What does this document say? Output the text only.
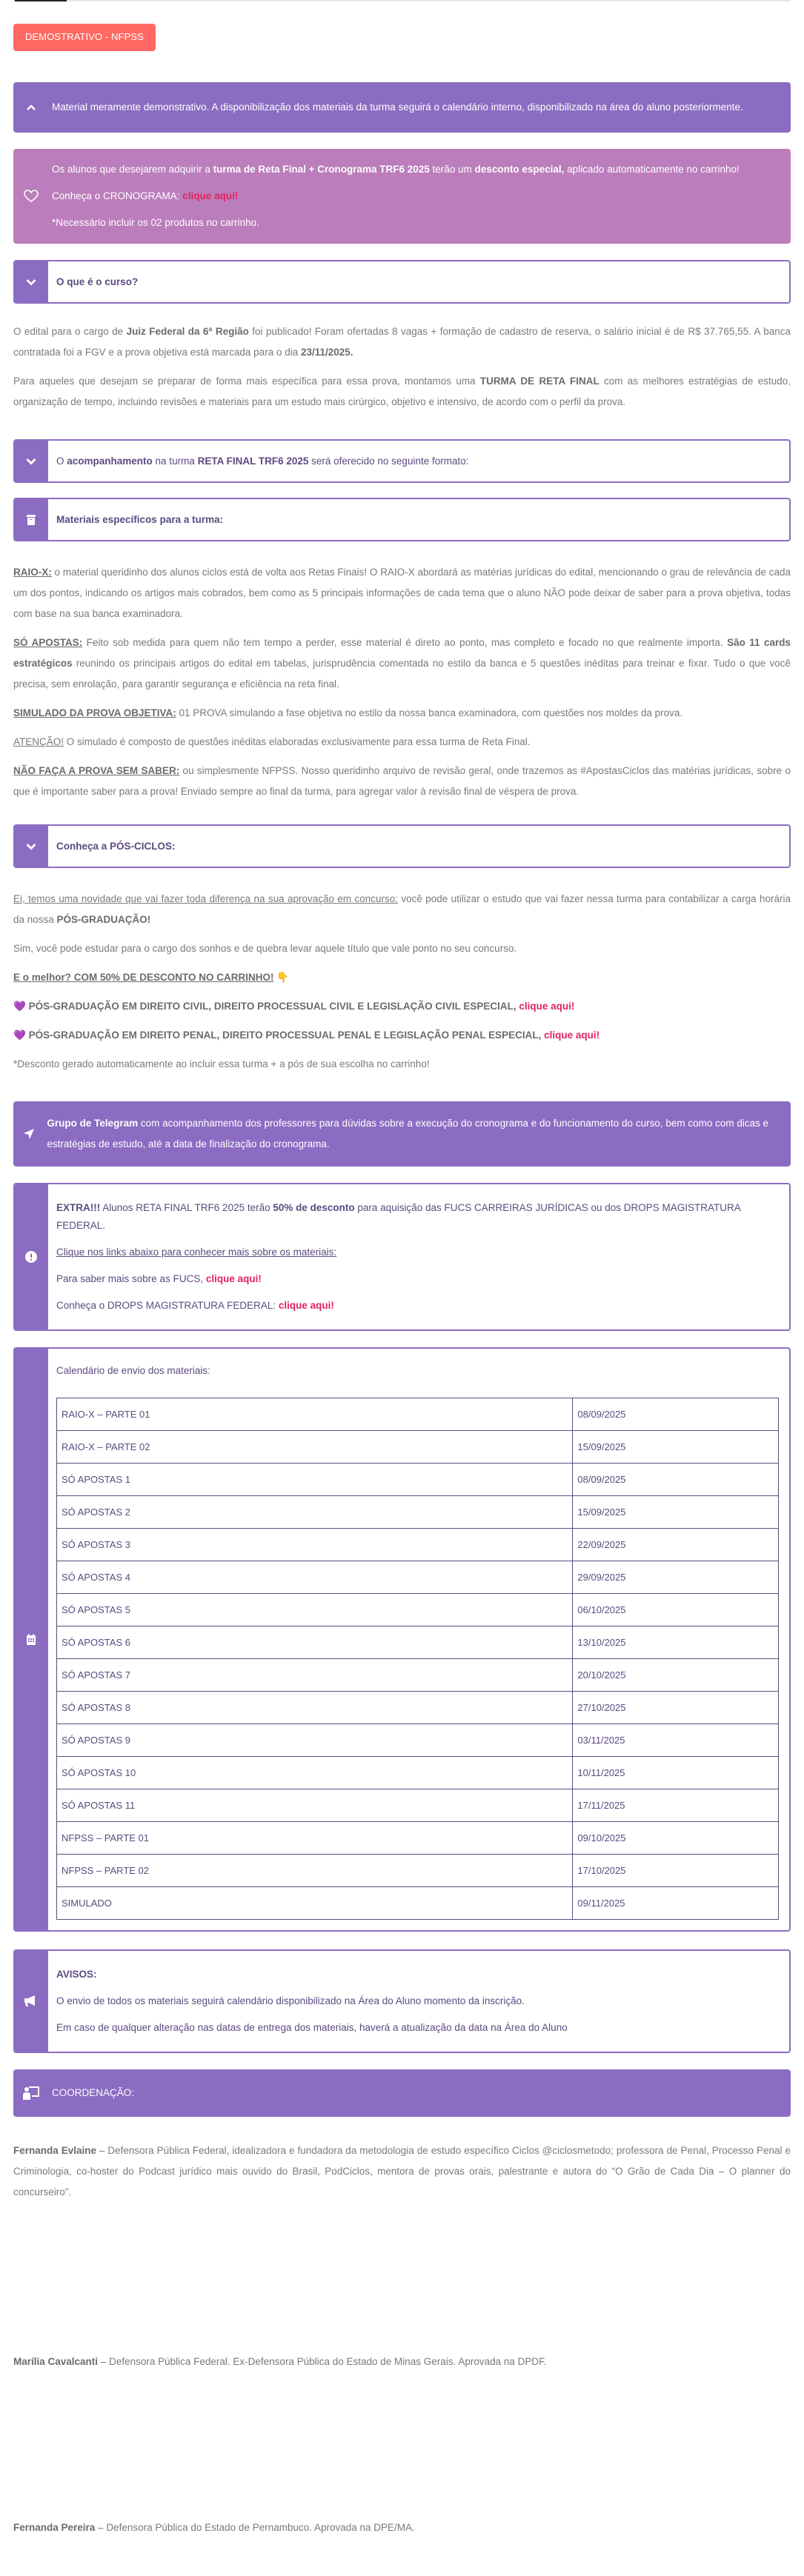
DEMOSTRATIVO - NFPSS

Material meramente demonstrativo. A disponibilização dos materiais da turma seguirá o calendário interno, disponibilizado na área do aluno posteriormente.

Os alunos que desejarem adquirir a turma de Reta Final + Cronograma TRF6 2025 terão um desconto especial, aplicado automaticamente no carrinho!

Conheça o CRONOGRAMA: clique aqui!

*Necessário incluir os 02 produtos no carrinho.

O que é o curso?

O edital para o cargo de Juiz Federal da 6ª Região foi publicado! Foram ofertadas 8 vagas + formação de cadastro de reserva, o salário inicial é de R$ 37.765,55. A banca contratada foi a FGV e a prova objetiva está marcada para o dia 23/11/2025.

Para aqueles que desejam se preparar de forma mais específica para essa prova, montamos uma TURMA DE RETA FINAL com as melhores estratégias de estudo, organização de tempo, incluindo revisões e materiais para um estudo mais cirúrgico, objetivo e intensivo, de acordo com o perfil da prova.

O acompanhamento na turma RETA FINAL TRF6 2025 será oferecido no seguinte formato:
Materiais específicos para a turma:

RAIO-X: o material queridinho dos alunos ciclos está de volta aos Retas Finais! O RAIO-X abordará as matérias jurídicas do edital, mencionando o grau de relevância de cada um dos pontos, indicando os artigos mais cobrados, bem como as 5 principais informações de cada tema que o aluno NÃO pode deixar de saber para a prova objetiva, todas com base na sua banca examinadora.

SÓ APOSTAS: Feito sob medida para quem não tem tempo a perder, esse material é direto ao ponto, mas completo e focado no que realmente importa. São 11 cards estratégicos reunindo os principais artigos do edital em tabelas, jurisprudência comentada no estilo da banca e 5 questões inéditas para treinar e fixar. Tudo o que você precisa, sem enrolação, para garantir segurança e eficiência na reta final.

SIMULADO DA PROVA OBJETIVA: 01 PROVA simulando a fase objetiva no estilo da nossa banca examinadora, com questões nos moldes da prova.

ATENÇÃO! O simulado é composto de questões inéditas elaboradas exclusivamente para essa turma de Reta Final.

NÃO FAÇA A PROVA SEM SABER: ou simplesmente NFPSS. Nosso queridinho arquivo de revisão geral, onde trazemos as #ApostasCiclos das matérias jurídicas, sobre o que é importante saber para a prova! Enviado sempre ao final da turma, para agregar valor à revisão final de véspera de prova.

Conheça a PÓS-CICLOS:

Ei, temos uma novidade que vai fazer toda diferença na sua aprovação em concurso: você pode utilizar o estudo que vai fazer nessa turma para contabilizar a carga horária da nossa PÓS-GRADUAÇÃO!

Sim, você pode estudar para o cargo dos sonhos e de quebra levar aquele título que vale ponto no seu concurso.

E o melhor? COM 50% DE DESCONTO NO CARRINHO! 👇

💜 PÓS-GRADUAÇÃO EM DIREITO CIVIL, DIREITO PROCESSUAL CIVIL E LEGISLAÇÃO CIVIL ESPECIAL, clique aqui!

💜 PÓS-GRADUAÇÃO EM DIREITO PENAL, DIREITO PROCESSUAL PENAL E LEGISLAÇÃO PENAL ESPECIAL, clique aqui!

*Desconto gerado automaticamente ao incluir essa turma + a pós de sua escolha no carrinho!

Grupo de Telegram com acompanhamento dos professores para dúvidas sobre a execução do cronograma e do funcionamento do curso, bem como com dicas e estratégias de estudo, até a data de finalização do cronograma.

EXTRA!!! Alunos RETA FINAL TRF6 2025 terão 50% de desconto para aquisição das FUCS CARREIRAS JURÍDICAS ou dos DROPS MAGISTRATURA FEDERAL.

Clique nos links abaixo para conhecer mais sobre os materiais:

Para saber mais sobre as FUCS, clique aqui!

Conheça o DROPS MAGISTRATURA FEDERAL: clique aqui!

Calendário de envio dos materiais:

RAIO-X – PARTE 01	08/09/2025
RAIO-X – PARTE 02	15/09/2025
SÓ APOSTAS 1	08/09/2025
SÓ APOSTAS 2	15/09/2025
SÓ APOSTAS 3	22/09/2025
SÓ APOSTAS 4	29/09/2025
SÓ APOSTAS 5	06/10/2025
SÓ APOSTAS 6	13/10/2025
SÓ APOSTAS 7	20/10/2025
SÓ APOSTAS 8	27/10/2025
SÓ APOSTAS 9	03/11/2025
SÓ APOSTAS 10	10/11/2025
SÓ APOSTAS 11	17/11/2025
NFPSS – PARTE 01	09/10/2025
NFPSS – PARTE 02	17/10/2025
SIMULADO	09/11/2025

AVISOS:

O envio de todos os materiais seguirá calendário disponibilizado na Área do Aluno momento da inscrição.

Em caso de qualquer alteração nas datas de entrega dos materiais, haverá a atualização da data na Área do Aluno

COORDENAÇÃO:

Fernanda Evlaine – Defensora Pública Federal, idealizadora e fundadora da metodologia de estudo específico Ciclos @ciclosmetodo; professora de Penal, Processo Penal e Criminologia, co-hoster do Podcast jurídico mais ouvido do Brasil, PodCiclos, mentora de provas orais, palestrante e autora do “O Grão de Cada Dia – O planner do concurseiro”.

Marília Cavalcanti – Defensora Pública Federal. Ex-Defensora Pública do Estado de Minas Gerais. Aprovada na DPDF.

Fernanda Pereira – Defensora Pública do Estado de Pernambuco. Aprovada na DPE/MA.
